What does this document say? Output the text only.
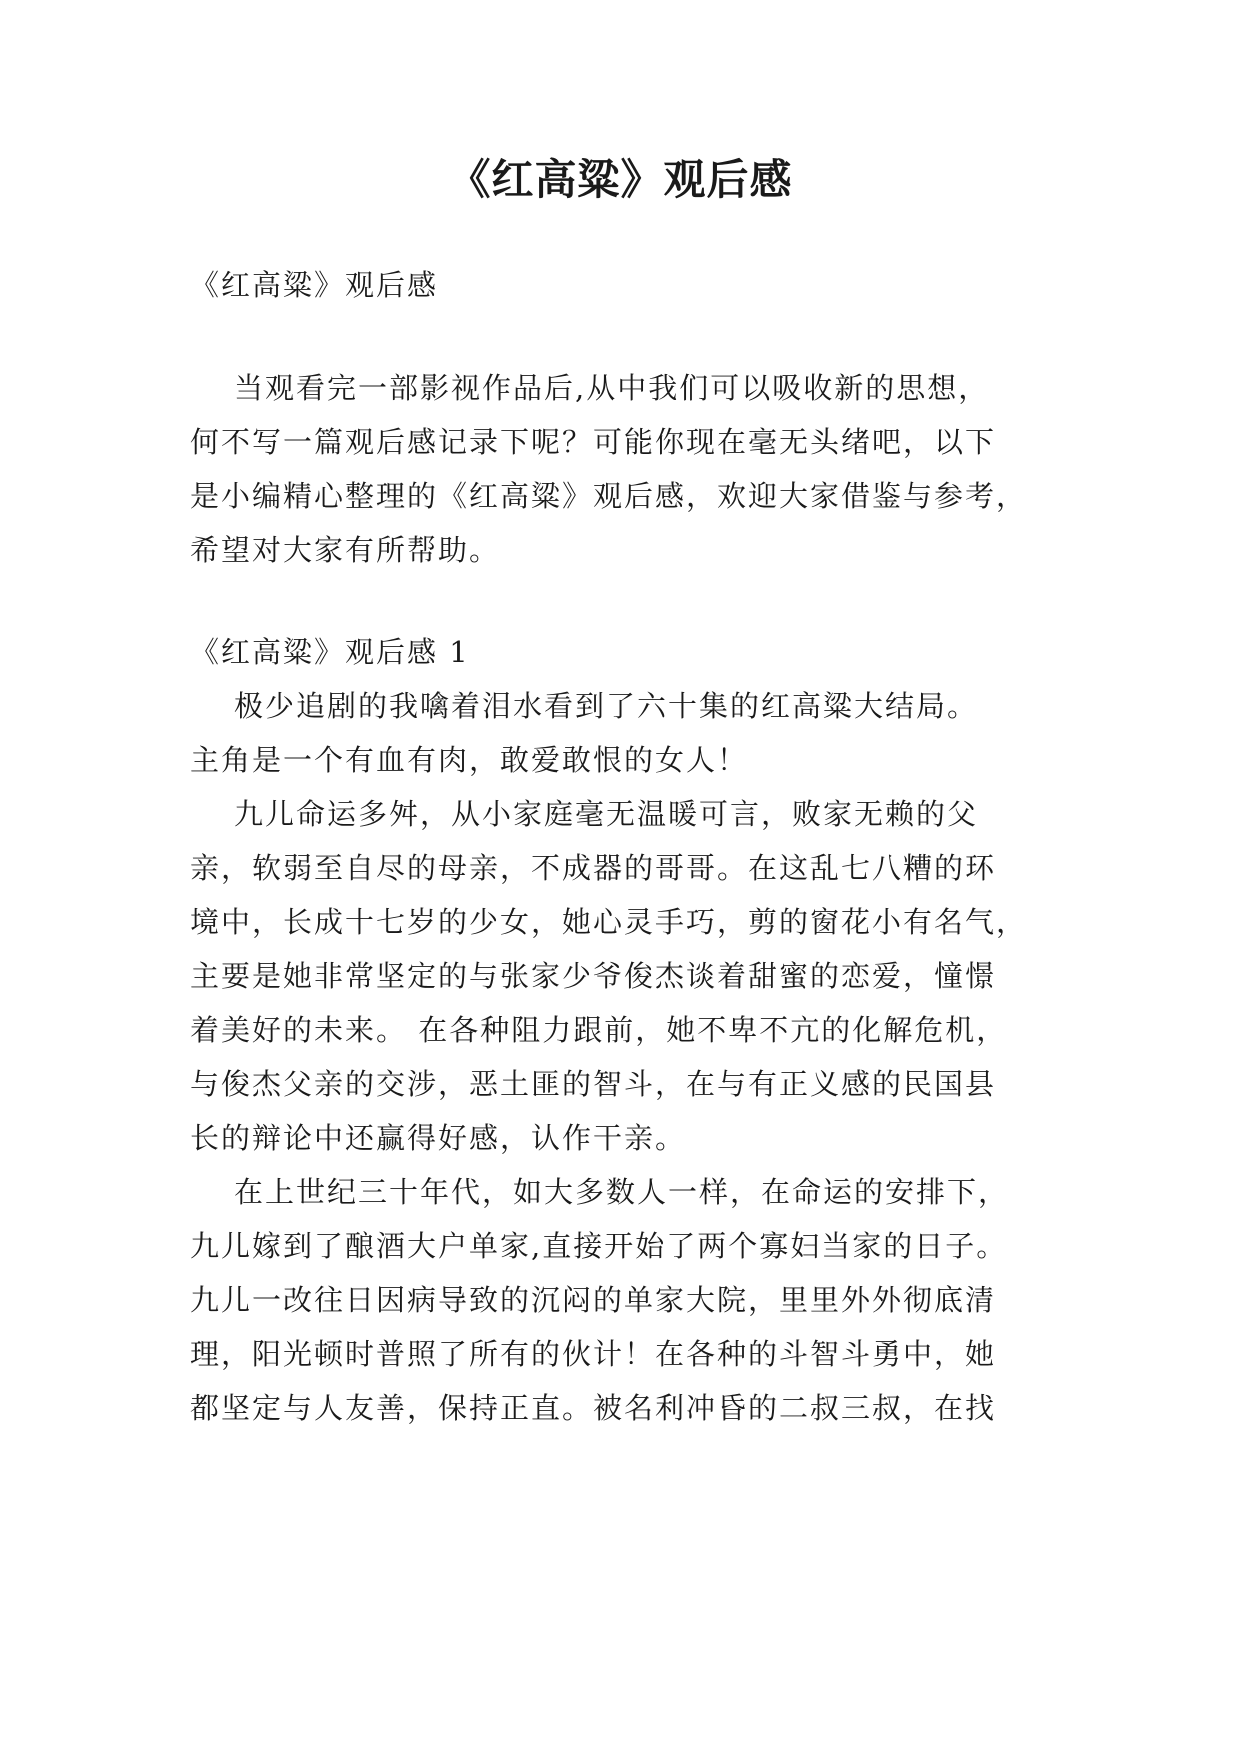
《红高粱》观后感
《红高粱》观后感
当观看完一部影视作品后,从中我们可以吸收新的思想，
何不写一篇观后感记录下呢？可能你现在毫无头绪吧，以下
是小编精心整理的《红高粱》观后感，欢迎大家借鉴与参考，
希望对大家有所帮助。
《红高粱》观后感 1
极少追剧的我噙着泪水看到了六十集的红高粱大结局。
主角是一个有血有肉，敢爱敢恨的女人！
九儿命运多舛，从小家庭毫无温暖可言，败家无赖的父
亲，软弱至自尽的母亲，不成器的哥哥。在这乱七八糟的环
境中，长成十七岁的少女，她心灵手巧，剪的窗花小有名气，
主要是她非常坚定的与张家少爷俊杰谈着甜蜜的恋爱，憧憬
着美好的未来。 在各种阻力跟前，她不卑不亢的化解危机，
与俊杰父亲的交涉，恶土匪的智斗，在与有正义感的民国县
长的辩论中还赢得好感，认作干亲。
在上世纪三十年代，如大多数人一样，在命运的安排下，
九儿嫁到了酿酒大户单家,直接开始了两个寡妇当家的日子。
九儿一改往日因病导致的沉闷的单家大院，里里外外彻底清
理，阳光顿时普照了所有的伙计！在各种的斗智斗勇中，她
都坚定与人友善，保持正直。被名利冲昏的二叔三叔，在找
